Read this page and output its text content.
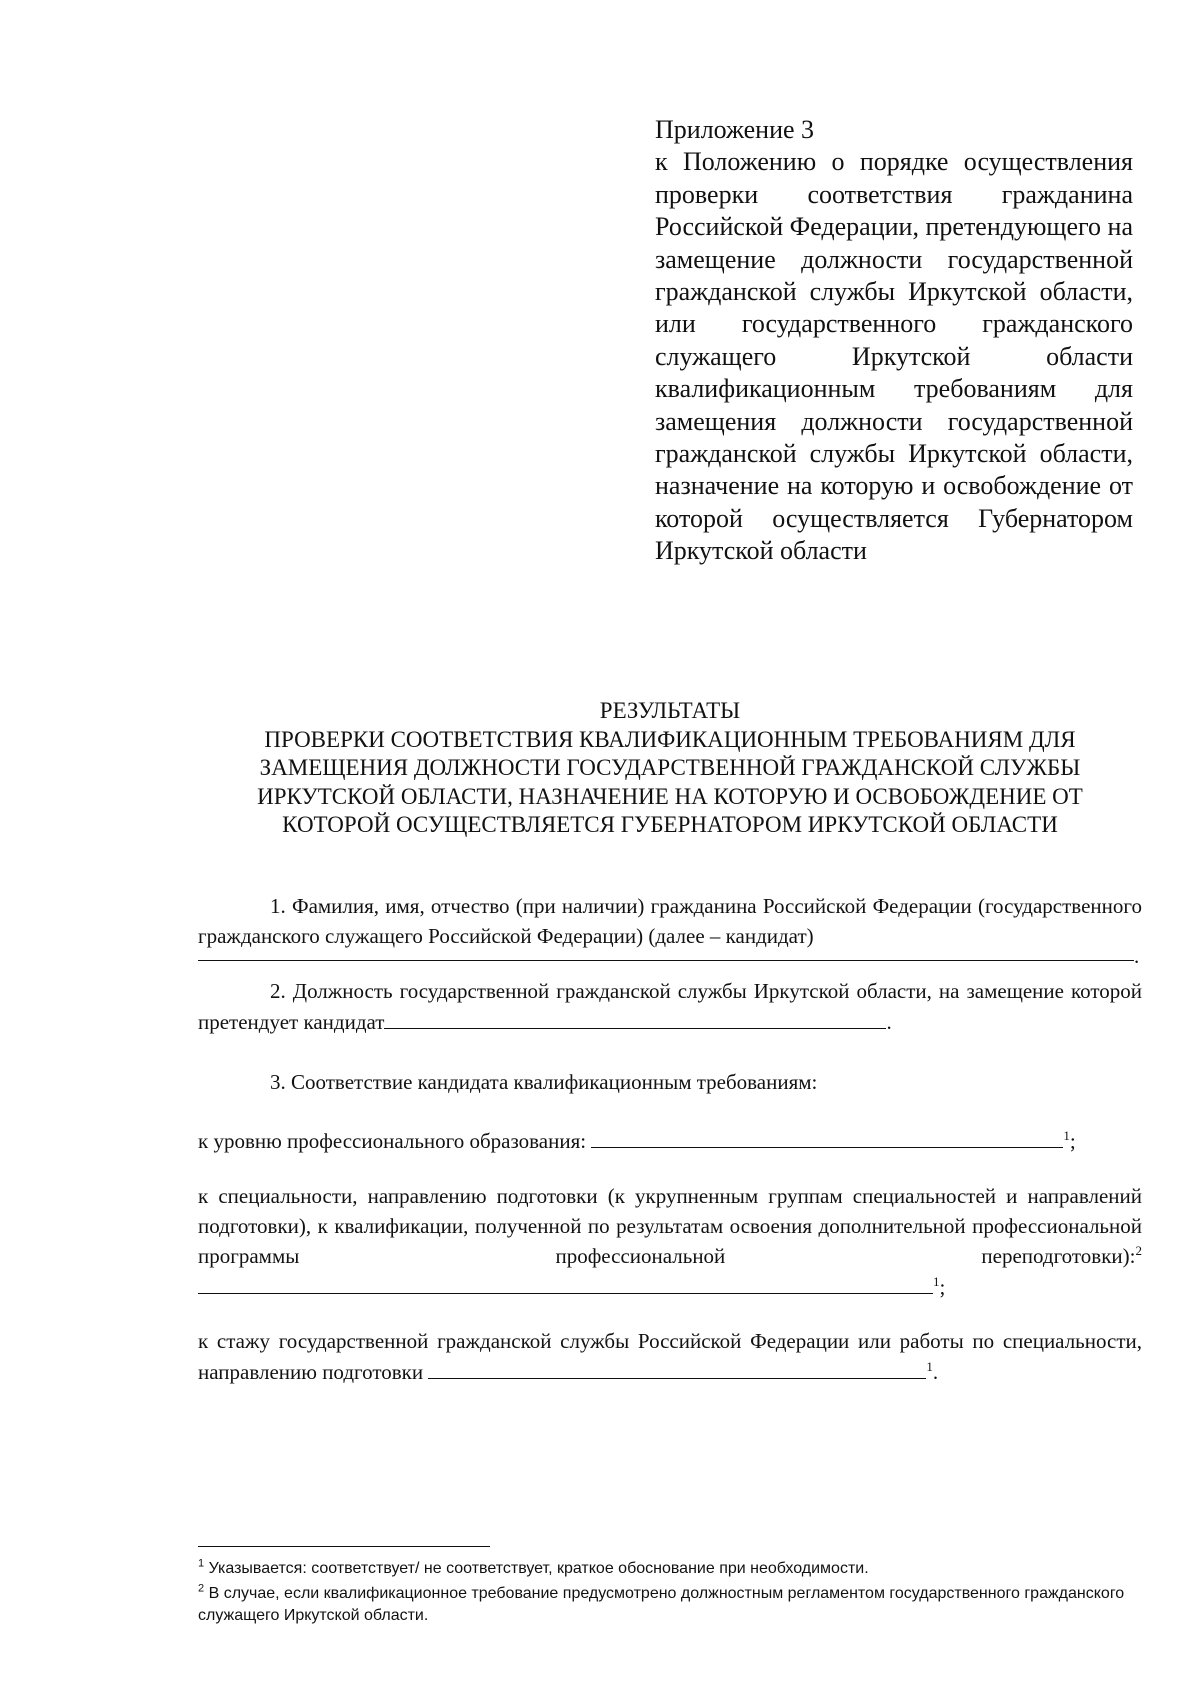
Приложение 3

к Положению о порядке осуществления проверки соответствия гражданина Российской Федерации, претендующего на замещение должности государственной гражданской службы Иркутской области, или государственного гражданского служащего Иркутской области квалификационным требованиям для замещения должности государственной гражданской службы Иркутской области, назначение на которую и освобождение от которой осуществляется Губернатором Иркутской области

РЕЗУЛЬТАТЫ
ПРОВЕРКИ СООТВЕТСТВИЯ КВАЛИФИКАЦИОННЫМ ТРЕБОВАНИЯМ ДЛЯ
ЗАМЕЩЕНИЯ ДОЛЖНОСТИ ГОСУДАРСТВЕННОЙ ГРАЖДАНСКОЙ СЛУЖБЫ
ИРКУТСКОЙ ОБЛАСТИ, НАЗНАЧЕНИЕ НА КОТОРУЮ И ОСВОБОЖДЕНИЕ ОТ
КОТОРОЙ ОСУЩЕСТВЛЯЕТСЯ ГУБЕРНАТОРОМ ИРКУТСКОЙ ОБЛАСТИ
1. Фамилия, имя, отчество (при наличии) гражданина Российской Федерации (государственного гражданского служащего Российской Федерации) (далее – кандидат)
.
2. Должность государственной гражданской службы Иркутской области, на замещение которой претендует кандидат	.
3. Соответствие кандидата квалификационным требованиям:
к уровню профессионального образования:	$^1$;
к специальности, направлению подготовки (к укрупненным группам специальностей и направлений подготовки), к квалификации, полученной по результатам освоения дополнительной профессиональной программы профессиональной переподготовки):$^{21}$;
к стажу государственной гражданской службы Российской Федерации или работы по специальности, направлению подготовки	$^1$.
$^1$ Указывается: соответствует/ не соответствует, краткое обоснование при необходимости.
$^2$ В случае, если квалификационное требование предусмотрено должностным регламентом государственного гражданского служащего Иркутской области.
